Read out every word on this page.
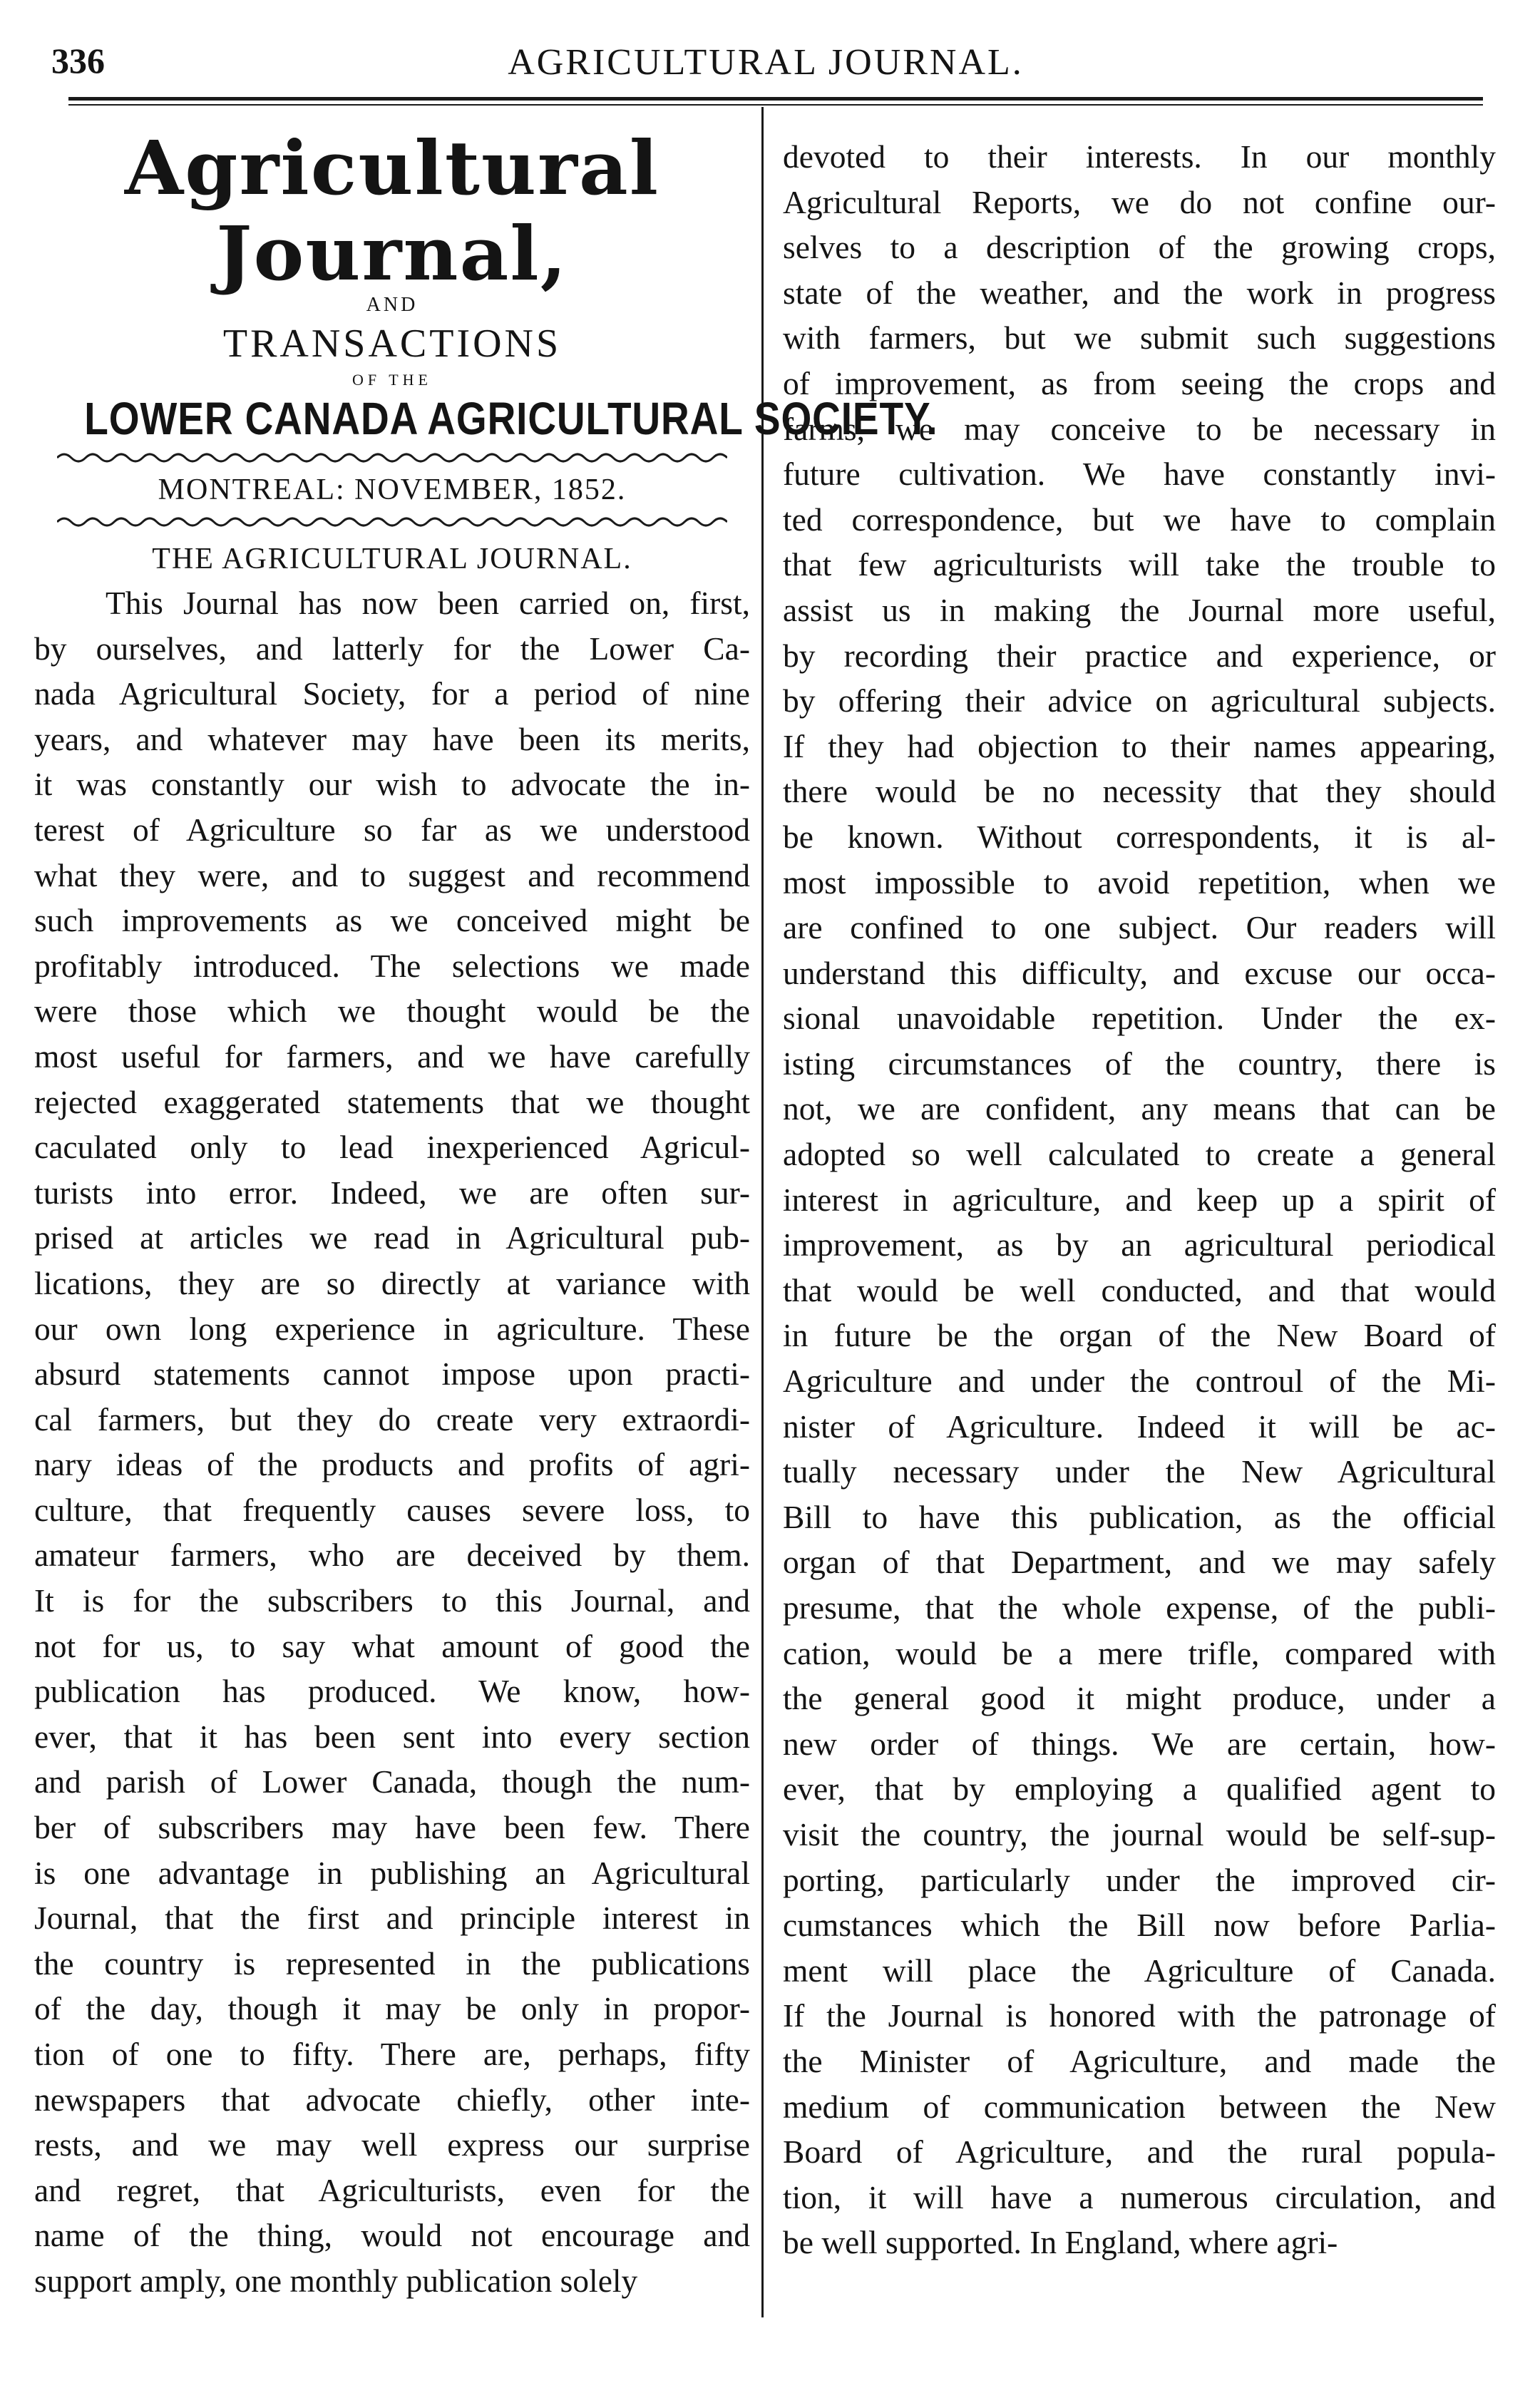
336	AGRICULTURAL JOURNAL.
Agricultural Journal,
AND
TRANSACTIONS
OF THE
LOWER CANADA AGRICULTURAL SOCIETY.
MONTREAL: NOVEMBER, 1852.
THE AGRICULTURAL JOURNAL.
This Journal has now been carried on, first,
by ourselves, and latterly for the Lower Ca-
nada Agricultural Society, for a period of nine
years, and whatever may have been its merits,
it was constantly our wish to advocate the in-
terest of Agriculture so far as we understood
what they were, and to suggest and recommend
such improvements as we conceived might be
profitably introduced. The selections we made
were those which we thought would be the
most useful for farmers, and we have carefully
rejected exaggerated statements that we thought
caculated only to lead inexperienced Agricul-
turists into error. Indeed, we are often sur-
prised at articles we read in Agricultural pub-
lications, they are so directly at variance with
our own long experience in agriculture. These
absurd statements cannot impose upon practi-
cal farmers, but they do create very extraordi-
nary ideas of the products and profits of agri-
culture, that frequently causes severe loss, to
amateur farmers, who are deceived by them.
It is for the subscribers to this Journal, and
not for us, to say what amount of good the
publication has produced. We know, how-
ever, that it has been sent into every section
and parish of Lower Canada, though the num-
ber of subscribers may have been few. There
is one advantage in publishing an Agricultural
Journal, that the first and principle interest in
the country is represented in the publications
of the day, though it may be only in propor-
tion of one to fifty. There are, perhaps, fifty
newspapers that advocate chiefly, other inte-
rests, and we may well express our surprise
and regret, that Agriculturists, even for the
name of the thing, would not encourage and
support amply, one monthly publication solely
devoted to their interests. In our monthly
Agricultural Reports, we do not confine our-
selves to a description of the growing crops,
state of the weather, and the work in progress
with farmers, but we submit such suggestions
of improvement, as from seeing the crops and
farms, we may conceive to be necessary in
future cultivation. We have constantly invi-
ted correspondence, but we have to complain
that few agriculturists will take the trouble to
assist us in making the Journal more useful,
by recording their practice and experience, or
by offering their advice on agricultural subjects.
If they had objection to their names appearing,
there would be no necessity that they should
be known. Without correspondents, it is al-
most impossible to avoid repetition, when we
are confined to one subject. Our readers will
understand this difficulty, and excuse our occa-
sional unavoidable repetition. Under the ex-
isting circumstances of the country, there is
not, we are confident, any means that can be
adopted so well calculated to create a general
interest in agriculture, and keep up a spirit of
improvement, as by an agricultural periodical
that would be well conducted, and that would
in future be the organ of the New Board of
Agriculture and under the controul of the Mi-
nister of Agriculture. Indeed it will be ac-
tually necessary under the New Agricultural
Bill to have this publication, as the official
organ of that Department, and we may safely
presume, that the whole expense, of the publi-
cation, would be a mere trifle, compared with
the general good it might produce, under a
new order of things. We are certain, how-
ever, that by employing a qualified agent to
visit the country, the journal would be self-sup-
porting, particularly under the improved cir-
cumstances which the Bill now before Parlia-
ment will place the Agriculture of Canada.
If the Journal is honored with the patronage of
the Minister of Agriculture, and made the
medium of communication between the New
Board of Agriculture, and the rural popula-
tion, it will have a numerous circulation, and
be well supported. In England, where agri-
